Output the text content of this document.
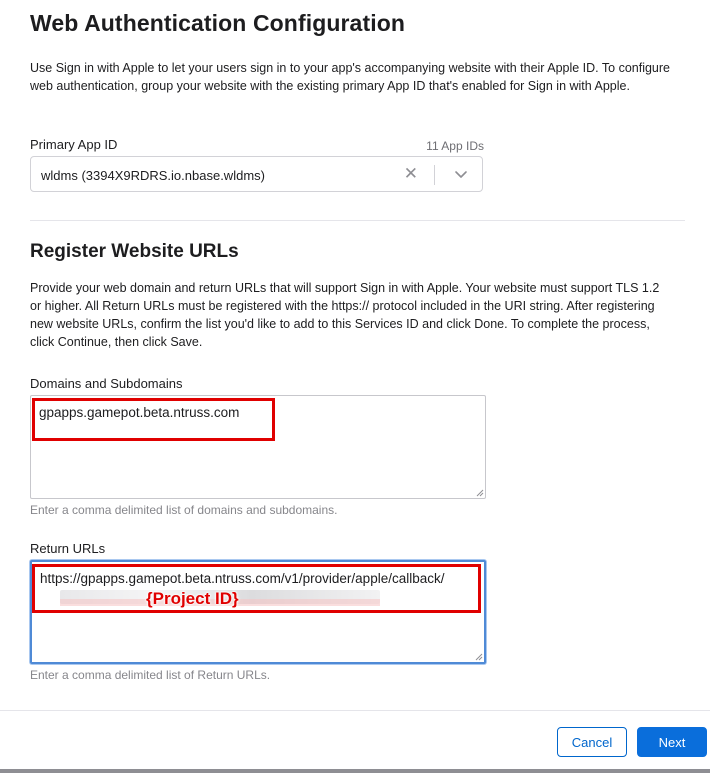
Web Authentication Configuration

Use Sign in with Apple to let your users sign in to your app's accompanying website with their Apple ID. To configure web authentication, group your website with the existing primary App ID that's enabled for Sign in with Apple.

Primary App ID	11 App IDs
wldms (3394X9RDRS.io.nbase.wldms)	✕
Register Website URLs

Provide your web domain and return URLs that will support Sign in with Apple. Your website must support TLS 1.2 or higher. All Return URLs must be registered with the https:// protocol included in the URI string. After registering new website URLs, confirm the list you'd like to add to this Services ID and click Done. To complete the process, click Continue, then click Save.

Domains and Subdomains
gpapps.gamepot.beta.ntruss.com
Enter a comma delimited list of domains and subdomains.
Return URLs
https://gpapps.gamepot.beta.ntruss.com/v1/provider/apple/callback/
{Project ID}
Enter a comma delimited list of Return URLs.
Cancel	Next
